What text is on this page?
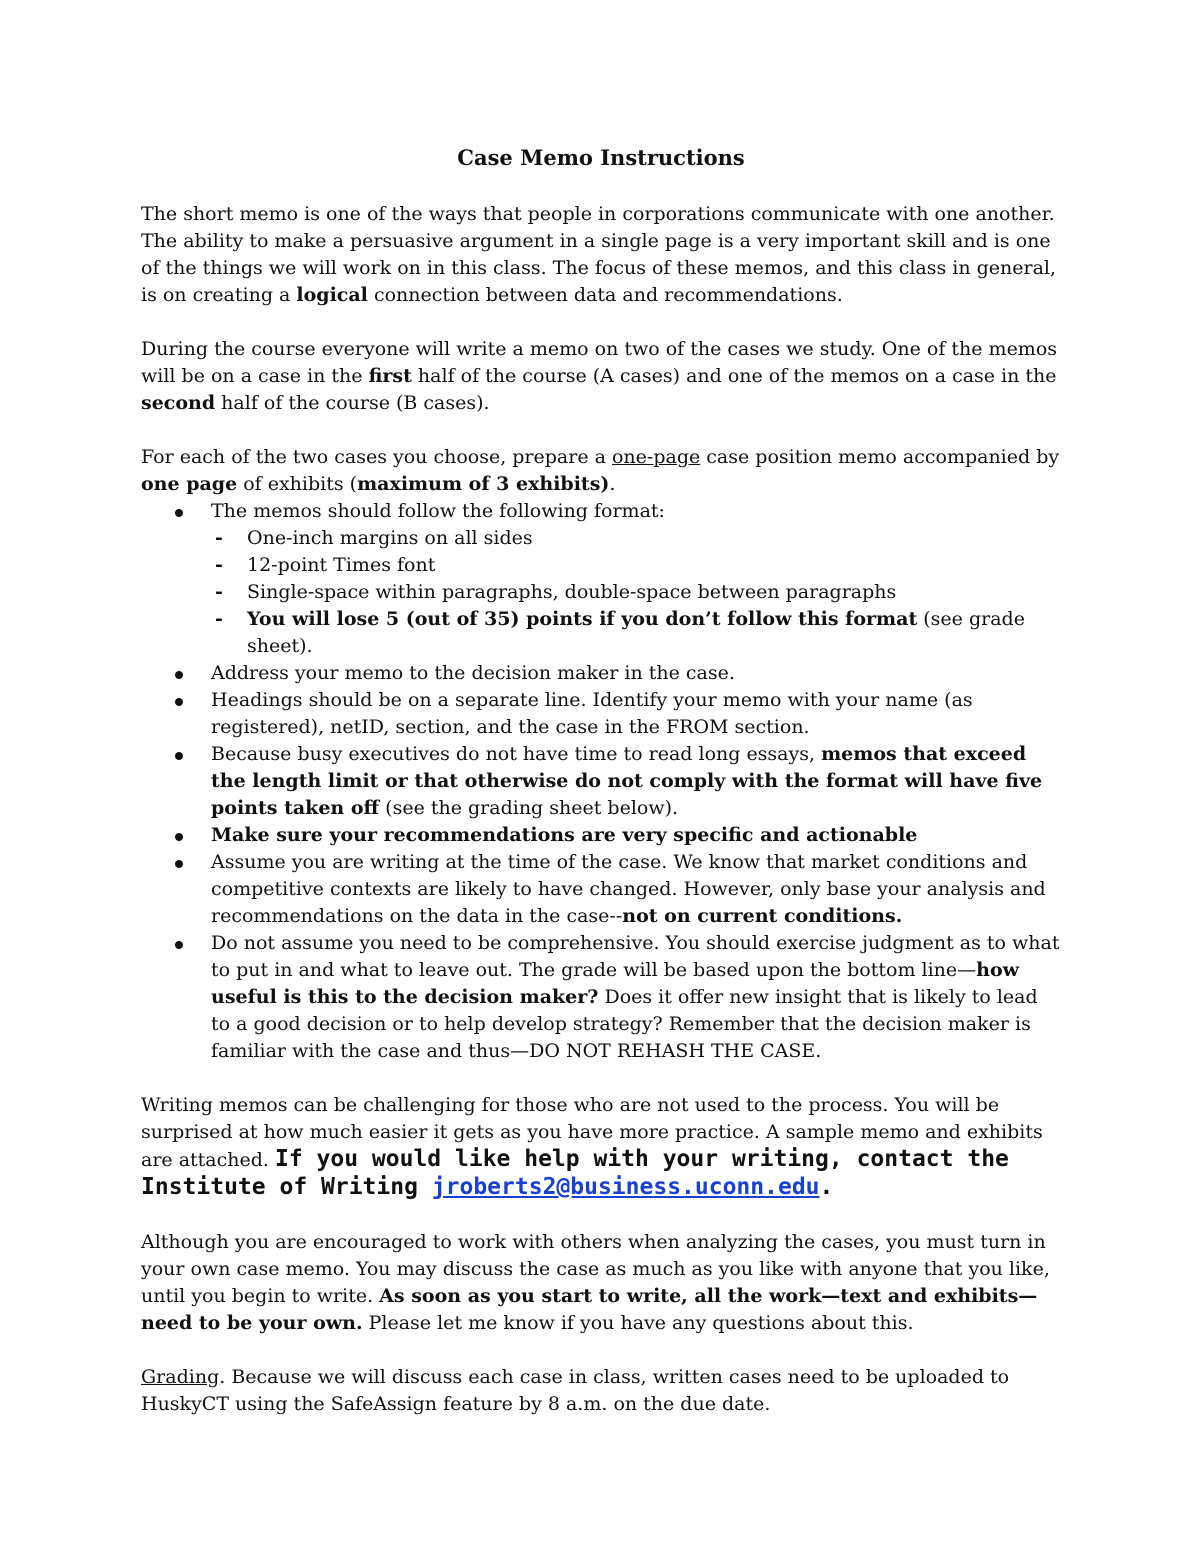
Case Memo Instructions

The short memo is one of the ways that people in corporations communicate with one another. The ability to make a persuasive argument in a single page is a very important skill and is one of the things we will work on in this class. The focus of these memos, and this class in general, is on creating a logical connection between data and recommendations.

During the course everyone will write a memo on two of the cases we study. One of the memos will be on a case in the first half of the course (A cases) and one of the memos on a case in the second half of the course (B cases).

For each of the two cases you choose, prepare a one-page case position memo accompanied by one page of exhibits (maximum of 3 exhibits).
The memos should follow the following format:
- One-inch margins on all sides
- 12-point Times font
- Single-space within paragraphs, double-space between paragraphs
- You will lose 5 (out of 35) points if you don’t follow this format (see grade sheet).
Address your memo to the decision maker in the case.
Headings should be on a separate line. Identify your memo with your name (as registered), netID, section, and the case in the FROM section.
Because busy executives do not have time to read long essays, memos that exceed the length limit or that otherwise do not comply with the format will have five points taken off (see the grading sheet below).
Make sure your recommendations are very specific and actionable
Assume you are writing at the time of the case. We know that market conditions and competitive contexts are likely to have changed. However, only base your analysis and recommendations on the data in the case--not on current conditions.
Do not assume you need to be comprehensive. You should exercise judgment as to what to put in and what to leave out. The grade will be based upon the bottom line—how useful is this to the decision maker? Does it offer new insight that is likely to lead to a good decision or to help develop strategy? Remember that the decision maker is familiar with the case and thus—DO NOT REHASH THE CASE.

Writing memos can be challenging for those who are not used to the process. You will be surprised at how much easier it gets as you have more practice. A sample memo and exhibits are attached. If you would like help with your writing, contact the Institute of Writing jroberts2@business.uconn.edu.

Although you are encouraged to work with others when analyzing the cases, you must turn in your own case memo. You may discuss the case as much as you like with anyone that you like, until you begin to write. As soon as you start to write, all the work—text and exhibits—need to be your own. Please let me know if you have any questions about this.

Grading. Because we will discuss each case in class, written cases need to be uploaded to HuskyCT using the SafeAssign feature by 8 a.m. on the due date.
